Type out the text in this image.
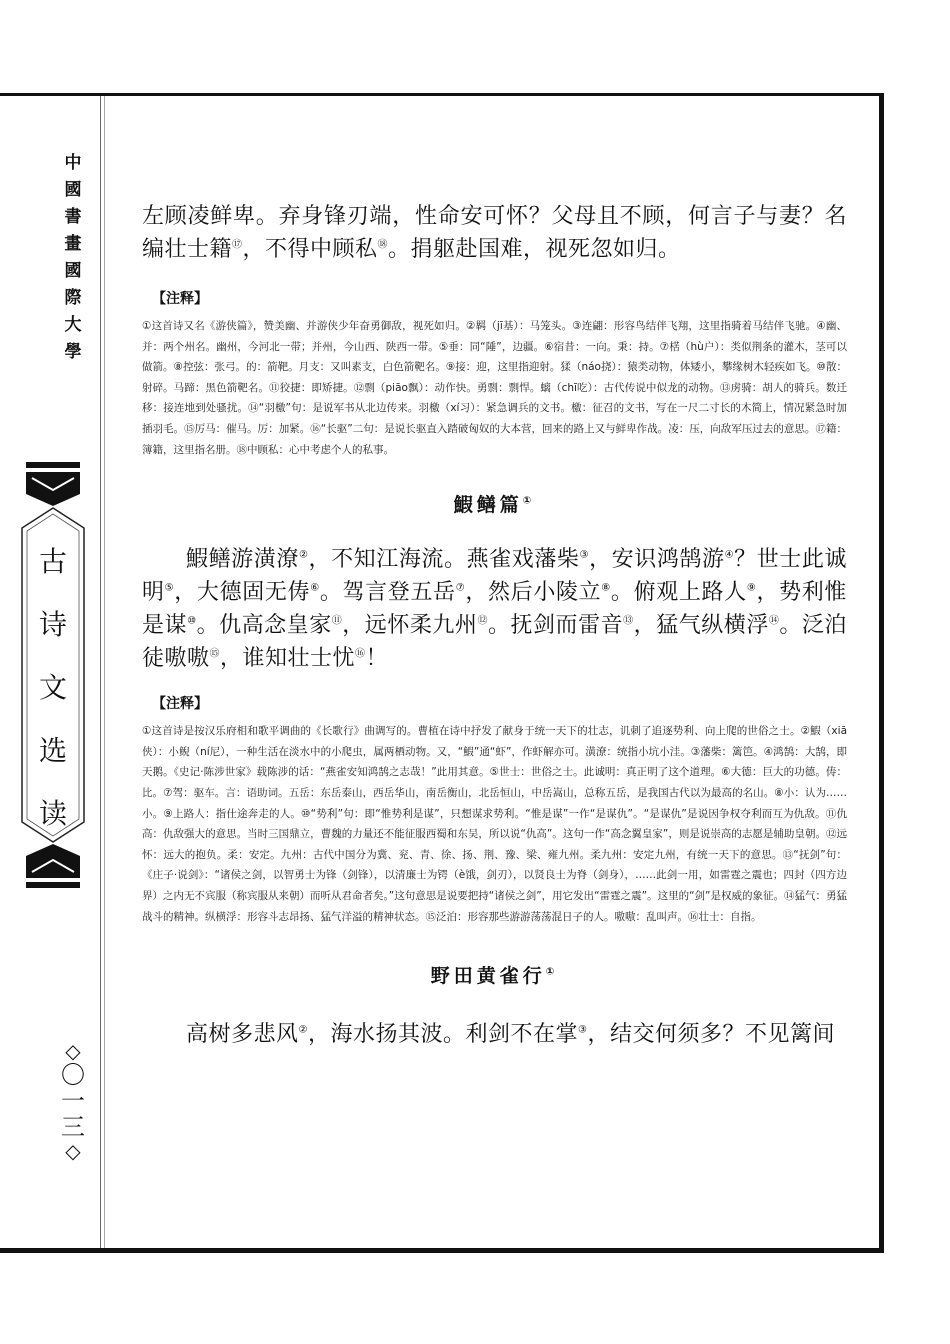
中
國
書
畫
國
際
大
學
古
诗
文
选
读
◇
〇
一
三
◇

左顾凌鲜卑。弃身锋刃端，性命安可怀？父母且不顾，何言子与妻？名编壮士籍⑰，不得中顾私⑱。捐躯赴国难，视死忽如归。

【注释】

①这首诗又名《游侠篇》，赞美幽、并游侠少年奋勇御敌，视死如归。②羁（jī基）：马笼头。③连翩：形容鸟结伴飞翔，这里指骑着马结伴飞驰。④幽、并：两个州名。幽州，今河北一带；并州，今山西、陕西一带。⑤垂：同“陲”，边疆。⑥宿昔：一向。秉：持。⑦楛（hù户）：类似荆条的灌木，茎可以做箭。⑧控弦：张弓。的：箭靶。月支：又叫素支，白色箭靶名。⑨接：迎，这里指迎射。猱（náo挠）：猿类动物，体矮小，攀缘树木轻疾如飞。⑩散：射碎。马蹄：黑色箭靶名。⑪狡捷：即矫捷。⑫剽（piāo飘）：动作快。勇剽：剽悍。螭（chī吃）：古代传说中似龙的动物。⑬虏骑：胡人的骑兵。数迁移：接连地到处骚扰。⑭“羽檄”句：是说军书从北边传来。羽檄（xí习）：紧急调兵的文书。檄：征召的文书，写在一尺二寸长的木简上，情况紧急时加插羽毛。⑮厉马：催马。厉：加紧。⑯“长驱”二句：是说长驱直入踏破匈奴的大本营，回来的路上又与鲜卑作战。凌：压，向敌军压过去的意思。⑰籍：簿籍，这里指名册。⑱中顾私：心中考虑个人的私事。

鰕鳝篇①

鰕鳝游潢潦②，不知江海流。燕雀戏藩柴③，安识鸿鹄游④？世士此诚明⑤，大德固无俦⑥。驾言登五岳⑦，然后小陵立⑧。俯观上路人⑨，势利惟是谋⑩。仇高念皇家⑪，远怀柔九州⑫。抚剑而雷音⑬，猛气纵横浮⑭。泛泊徒嗷嗷⑮，谁知壮士忧⑯！

【注释】

①这首诗是按汉乐府相和歌平调曲的《长歌行》曲调写的。曹植在诗中抒发了献身于统一天下的壮志，讥刺了追逐势利、向上爬的世俗之士。②鰕（xiā侠）：小鲵（ní尼），一种生活在淡水中的小爬虫，属两栖动物。又，“鰕”通“虾”，作虾解亦可。潢潦：统指小坑小洼。③藩柴：篱笆。④鸿鹄：大鹄，即天鹅。《史记·陈涉世家》载陈涉的话：“燕雀安知鸿鹄之志哉！”此用其意。⑤世士：世俗之士。此诚明：真正明了这个道理。⑥大德：巨大的功德。俦：比。⑦驾：驱车。言：语助词。五岳：东岳泰山，西岳华山，南岳衡山，北岳恒山，中岳嵩山，总称五岳，是我国古代以为最高的名山。⑧小：认为……小。⑨上路人：指仕途奔走的人。⑩“势利”句：即“惟势利是谋”，只想谋求势利。“惟是谋”一作“是谋仇”。“是谋仇”是说因争权夺利而互为仇敌。⑪仇高：仇敌强大的意思。当时三国鼎立，曹魏的力量还不能征服西蜀和东吴，所以说“仇高”。这句一作“高念翼皇家”，则是说崇高的志愿是辅助皇朝。⑫远怀：远大的抱负。柔：安定。九州：古代中国分为冀、兖、青、徐、扬、荆、豫、梁、雍九州。柔九州：安定九州，有统一天下的意思。⑬“抚剑”句：《庄子·说剑》：“诸侯之剑，以智勇士为锋（剑锋），以清廉士为锷（è饿，剑刃），以贤良士为脊（剑身），……此剑一用，如雷霆之震也；四封（四方边界）之内无不宾服（称宾服从来朝）而听从君命者矣。”这句意思是说要把持“诸侯之剑”，用它发出“雷霆之震”。这里的“剑”是权威的象征。⑭猛气：勇猛战斗的精神。纵横浮：形容斗志昂扬、猛气洋溢的精神状态。⑮泛泊：形容那些游游荡荡混日子的人。嗷嗷：乱叫声。⑯壮士：自指。

野田黄雀行①

高树多悲风②，海水扬其波。利剑不在掌③，结交何须多？不见篱间
